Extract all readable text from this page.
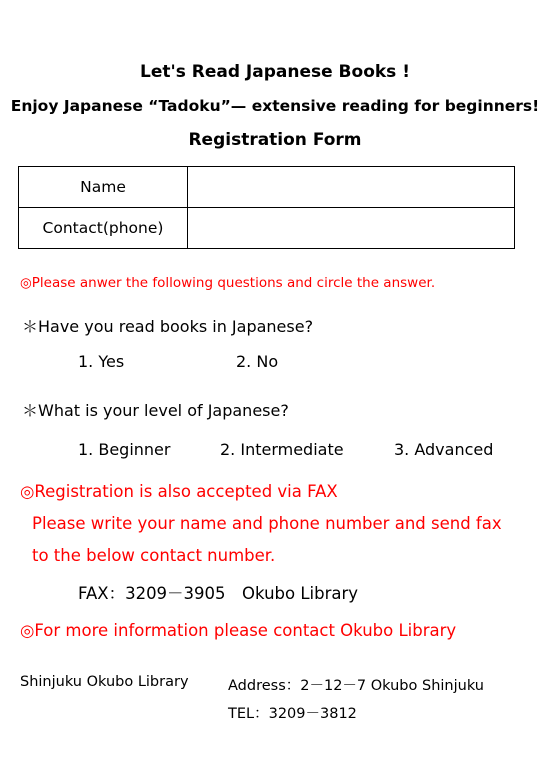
Let's Read Japanese Books !
Enjoy Japanese “Tadoku”— extensive reading for beginners!
Registration Form
Name	
Contact(phone)	
◎Please anwer the following questions and circle the answer.
＊Have you read books in Japanese?
1. Yes	2. No
＊What is your level of Japanese?
1. Beginner	2. Intermediate	3. Advanced
◎Registration is also accepted via FAX
Please write your name and phone number and send fax
to the below contact number.
FAX：3209－3905　Okubo Library
◎For more information please contact Okubo Library
Shinjuku Okubo Library	Address：2－12－7 Okubo Shinjuku
TEL：3209－3812
